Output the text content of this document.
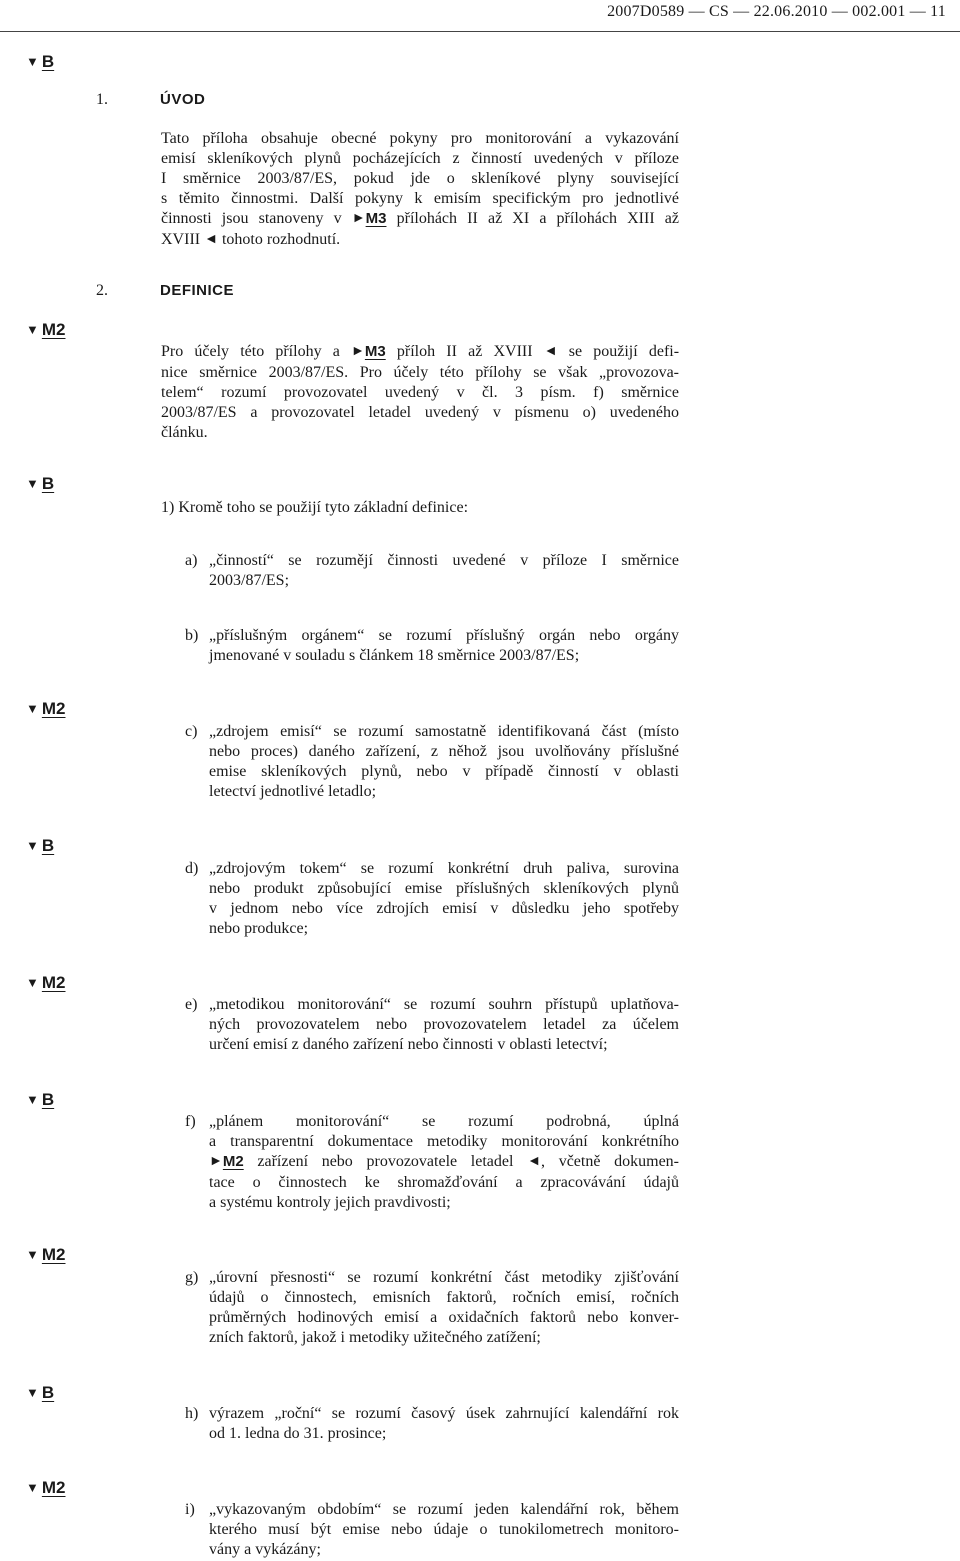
2007D0589 — CS — 22.06.2010 — 002.001 — 11
▼ B
▼ M2
▼ B
▼ M2
▼ B
▼ M2
▼ B
▼ M2
▼ B
▼ M2
1.	ÚVOD
Tato příloha obsahuje obecné pokyny pro monitorování a vykazování
emisí skleníkových plynů pocházejících z činností uvedených v příloze
I směrnice 2003/87/ES, pokud jde o skleníkové plyny související
s těmito činnostmi. Další pokyny k emisím specifickým pro jednotlivé
činnosti jsou stanoveny v ►M3 přílohách II až XI a přílohách XIII až
XVIII ◄ tohoto rozhodnutí.
2.	DEFINICE
Pro účely této přílohy a ►M3 příloh II až XVIII ◄ se použijí defi-
nice směrnice 2003/87/ES. Pro účely této přílohy se však „provozova-
telem“ rozumí provozovatel uvedený v čl. 3 písm. f) směrnice
2003/87/ES a provozovatel letadel uvedený v písmenu o) uvedeného
článku.
1) Kromě toho se použijí tyto základní definice:
a) „činností“ se rozumějí činnosti uvedené v příloze I směrnice
2003/87/ES;
b) „příslušným orgánem“ se rozumí příslušný orgán nebo orgány
jmenované v souladu s článkem 18 směrnice 2003/87/ES;
c) „zdrojem emisí“ se rozumí samostatně identifikovaná část (místo
nebo proces) daného zařízení, z něhož jsou uvolňovány příslušné
emise skleníkových plynů, nebo v případě činností v oblasti
letectví jednotlivé letadlo;
d) „zdrojovým tokem“ se rozumí konkrétní druh paliva, surovina
nebo produkt způsobující emise příslušných skleníkových plynů
v jednom nebo více zdrojích emisí v důsledku jeho spotřeby
nebo produkce;
e) „metodikou monitorování“ se rozumí souhrn přístupů uplatňova-
ných provozovatelem nebo provozovatelem letadel za účelem
určení emisí z daného zařízení nebo činnosti v oblasti letectví;
f) „plánem monitorování“ se rozumí podrobná, úplná
a transparentní dokumentace metodiky monitorování konkrétního
►M2 zařízení nebo provozovatele letadel ◄, včetně dokumen-
tace o činnostech ke shromažďování a zpracovávání údajů
a systému kontroly jejich pravdivosti;
g) „úrovní přesnosti“ se rozumí konkrétní část metodiky zjišťování
údajů o činnostech, emisních faktorů, ročních emisí, ročních
průměrných hodinových emisí a oxidačních faktorů nebo konver-
zních faktorů, jakož i metodiky užitečného zatížení;
h) výrazem „roční“ se rozumí časový úsek zahrnující kalendářní rok
od 1. ledna do 31. prosince;
i) „vykazovaným obdobím“ se rozumí jeden kalendářní rok, během
kterého musí být emise nebo údaje o tunokilometrech monitoro-
vány a vykázány;
